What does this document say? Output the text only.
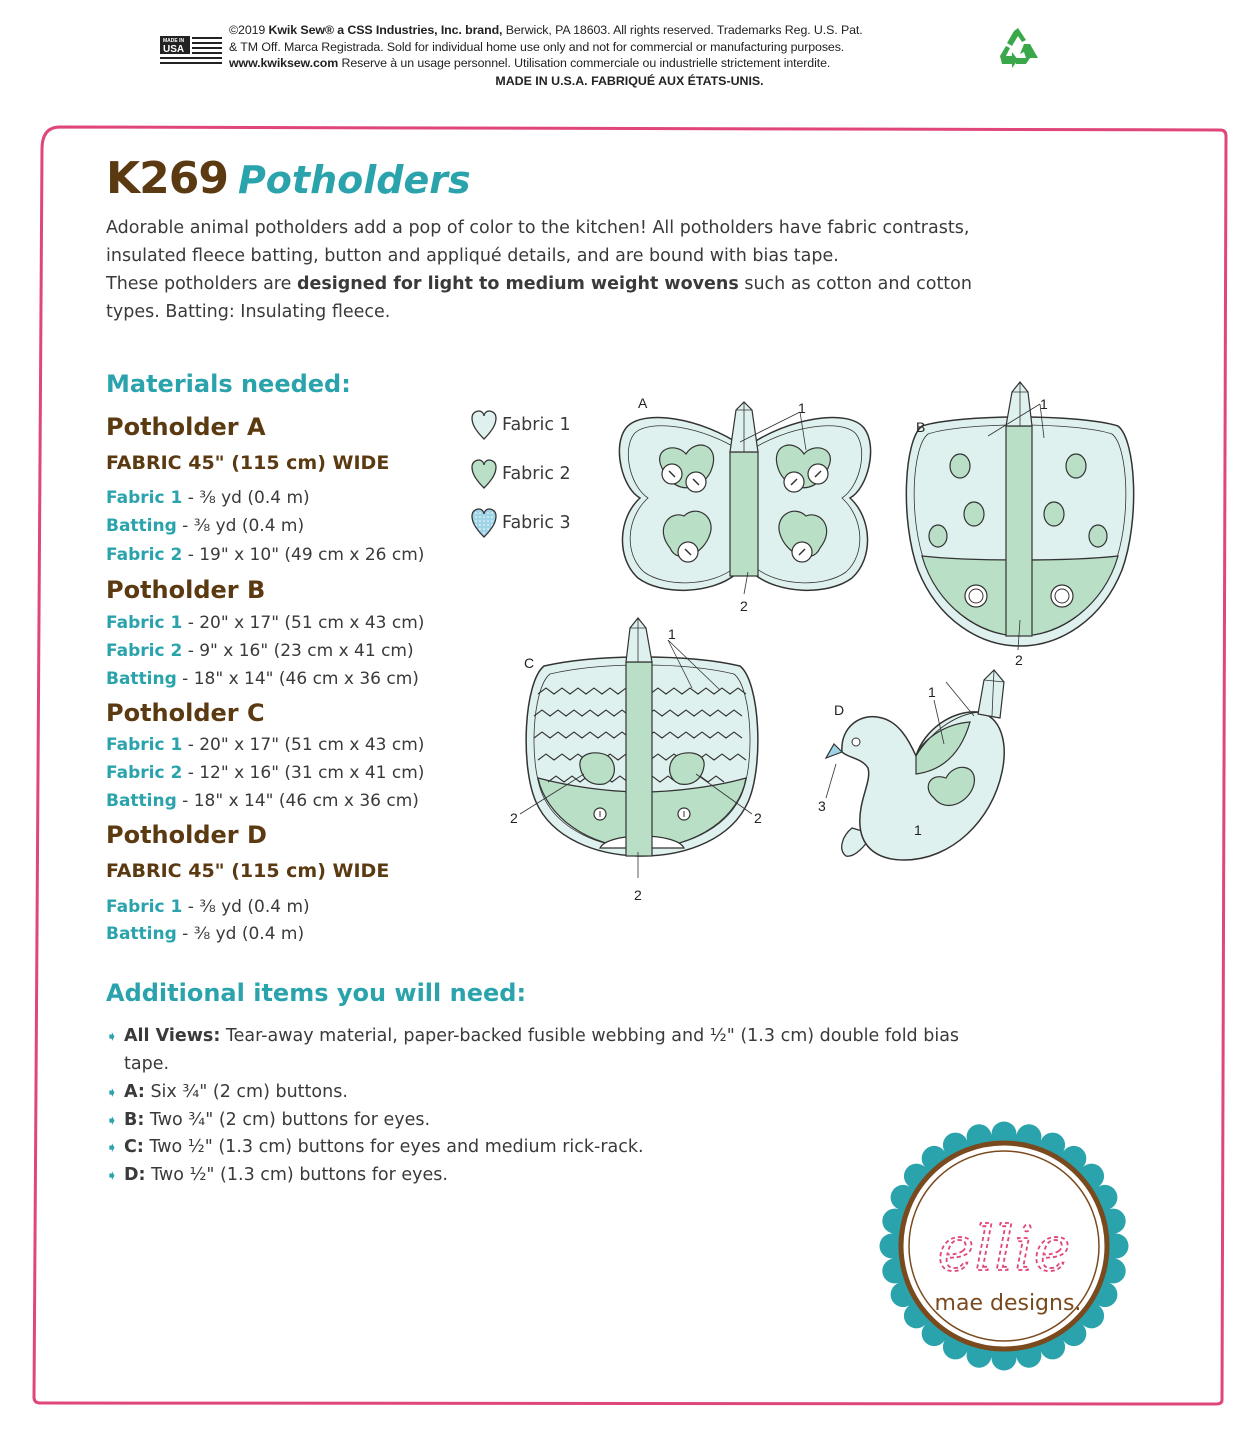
MADE IN
USA
©2019 Kwik Sew® a CSS Industries, Inc. brand, Berwick, PA 18603. All rights reserved. Trademarks Reg. U.S. Pat.
& TM Off. Marca Registrada. Sold for individual home use only and not for commercial or manufacturing purposes.
www.kwiksew.com Reserve à un usage personnel. Utilisation commerciale ou industrielle strictement interdite.
MADE IN U.S.A. FABRIQUÉ AUX ÉTATS-UNIS.
K269 Potholders

Adorable animal potholders add a pop of color to the kitchen! All potholders have fabric contrasts,

insulated fleece batting, button and appliqué details, and are bound with bias tape.

These potholders are designed for light to medium weight wovens such as cotton and cotton

types. Batting: Insulating fleece.

Materials needed:
Potholder A
FABRIC 45" (115 cm) WIDE
Fabric 1 - ⅜ yd (0.4 m)
Batting - ⅜ yd (0.4 m)
Fabric 2 - 19" x 10" (49 cm x 26 cm)
Potholder B
Fabric 1 - 20" x 17" (51 cm x 43 cm)
Fabric 2 - 9" x 16" (23 cm x 41 cm)
Batting - 18" x 14" (46 cm x 36 cm)
Potholder C
Fabric 1 - 20" x 17" (51 cm x 43 cm)
Fabric 2 - 12" x 16" (31 cm x 41 cm)
Batting - 18" x 14" (46 cm x 36 cm)
Potholder D
FABRIC 45" (115 cm) WIDE
Fabric 1 - ⅜ yd (0.4 m)
Batting - ⅜ yd (0.4 m)
Fabric 1
Fabric 2
Fabric 3
A	1
2
B
1
2
C
1
2	2
2
D
1
1
3
Additional items you will need:
➧ All Views: Tear-away material, paper-backed fusible webbing and ½" (1.3 cm) double fold bias
tape.
➧ A: Six ¾" (2 cm) buttons.
➧ B: Two ¾" (2 cm) buttons for eyes.
➧ C: Two ½" (1.3 cm) buttons for eyes and medium rick-rack.
➧ D: Two ½" (1.3 cm) buttons for eyes.
ellie
mae designs.
